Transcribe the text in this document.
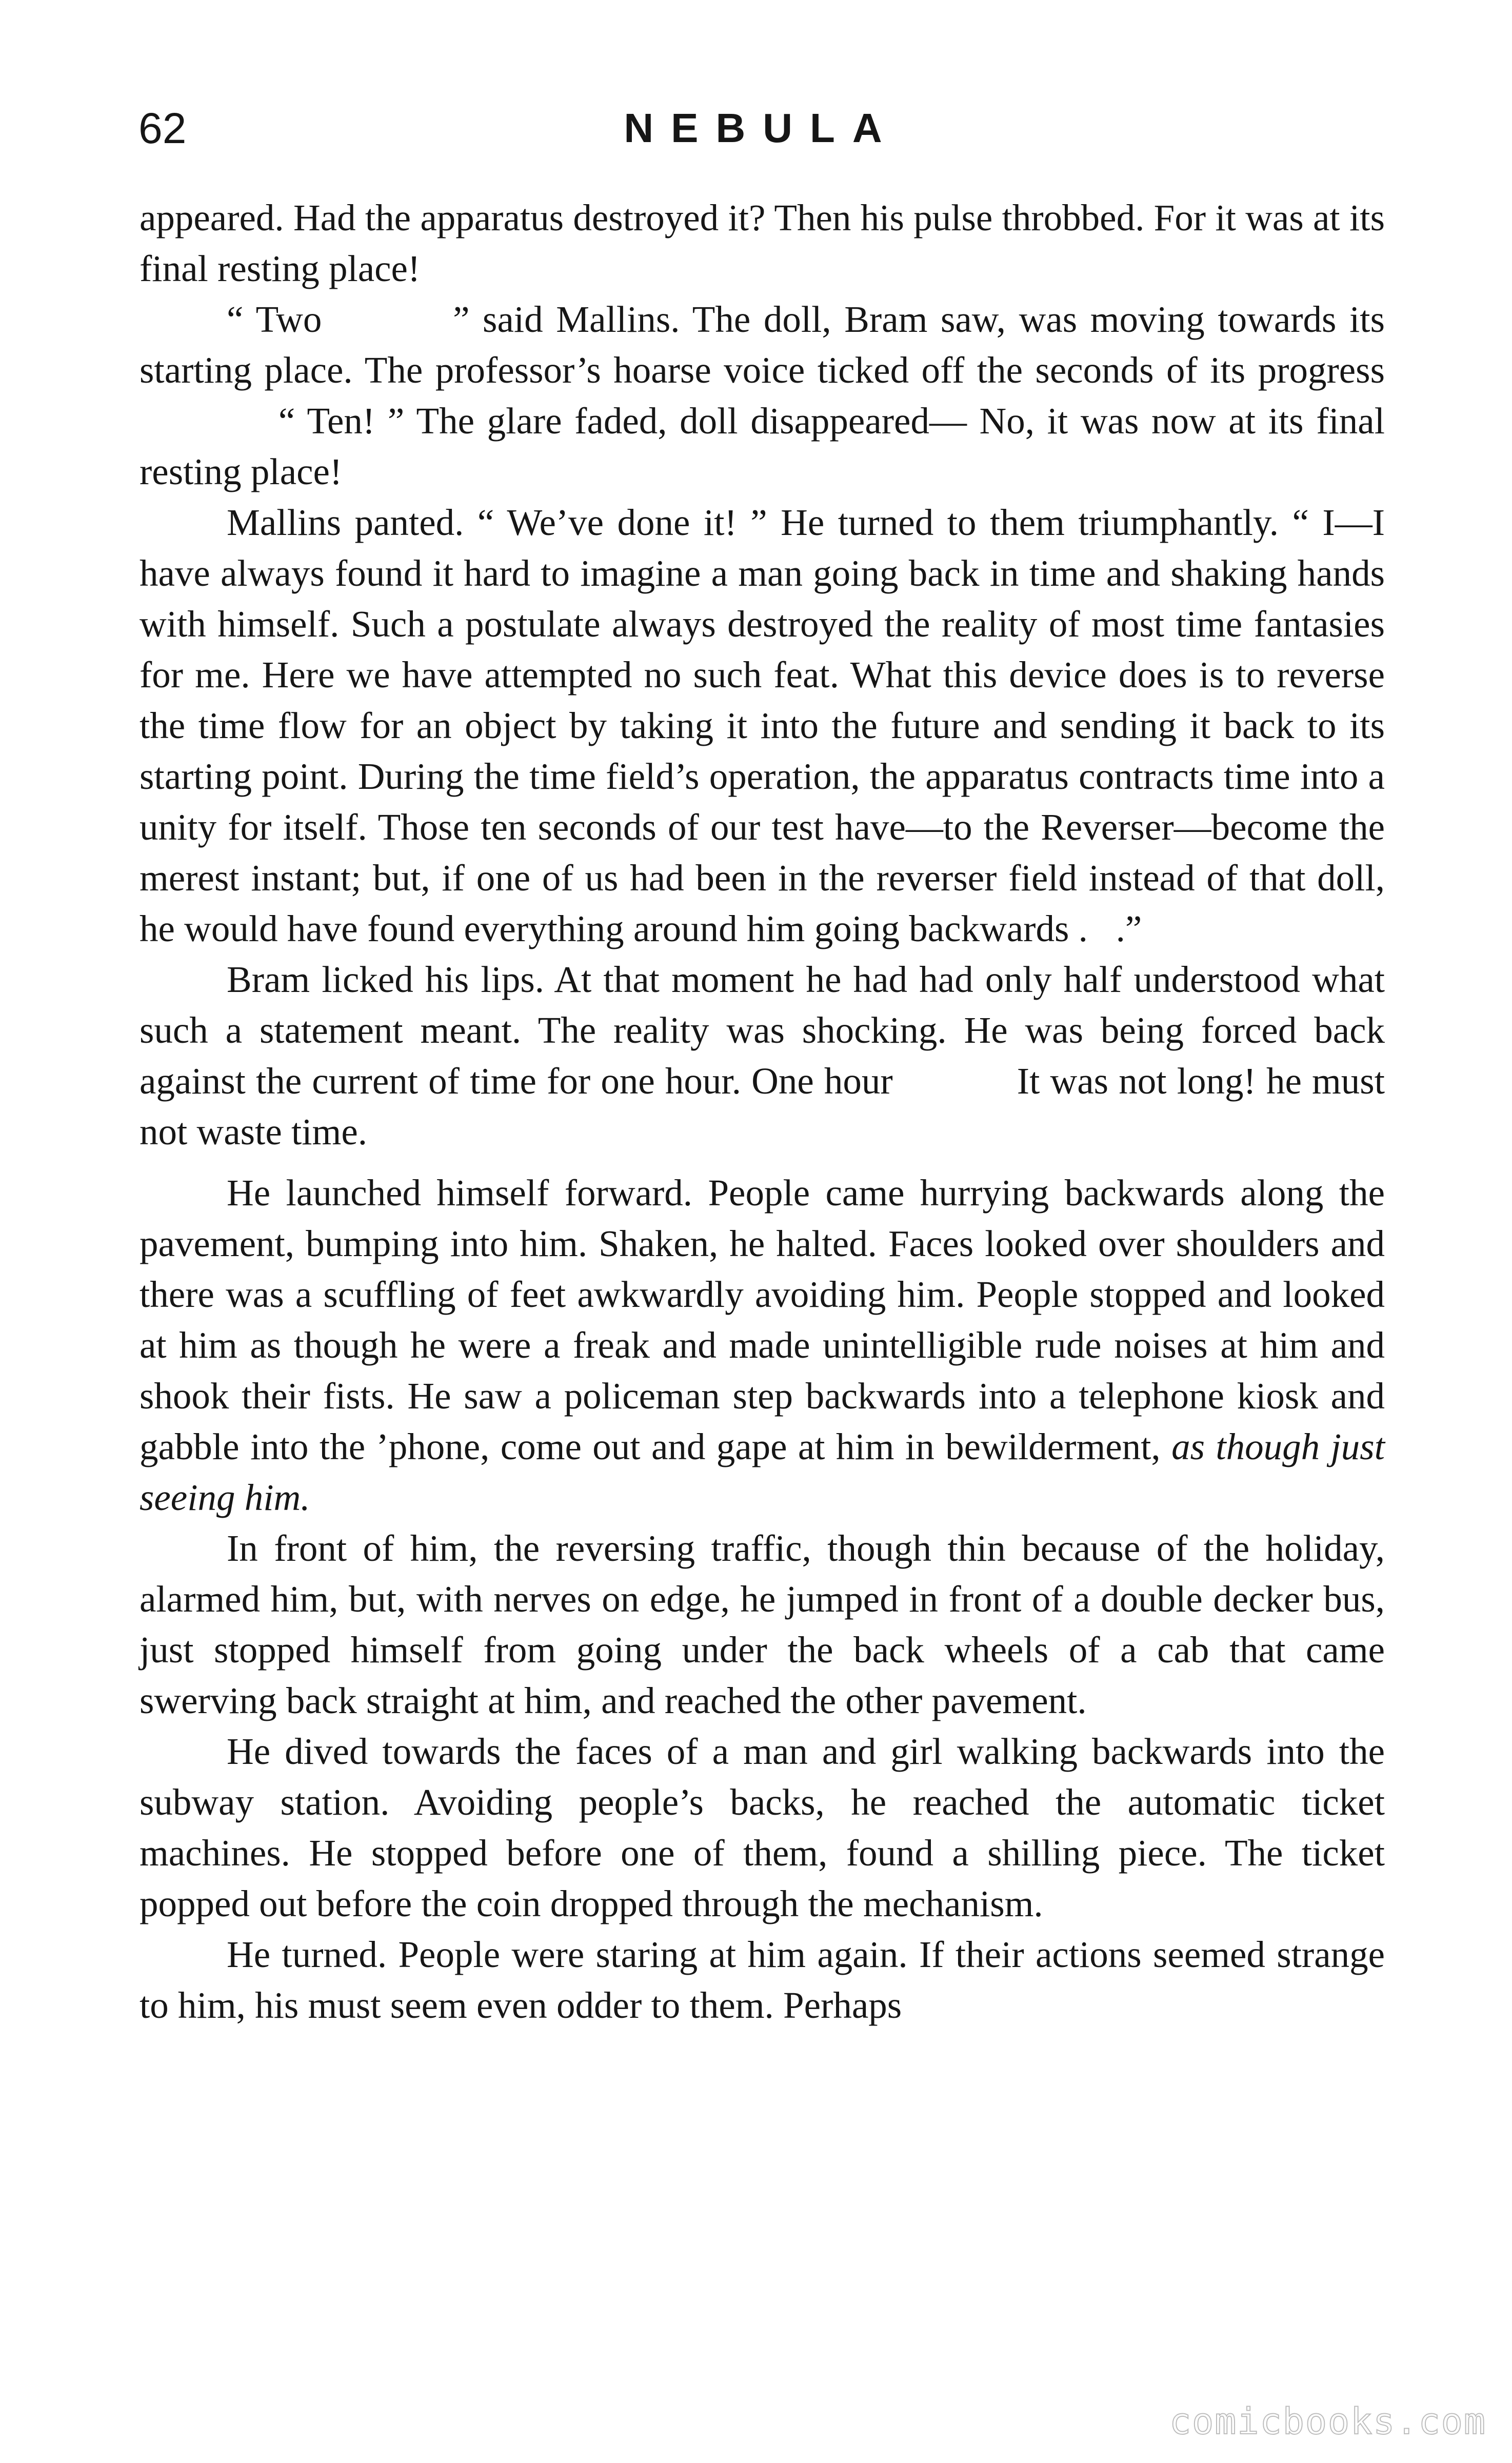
62	NEBULA

appeared. Had the apparatus destroyed it? Then his pulse throbbed. For it was at its final resting place!

“ Two          ” said Mallins. The doll, Bram saw, was moving towards its starting place. The professor’s hoarse voice ticked off the seconds of its progress            “ Ten! ” The glare faded, doll disappeared— No, it was now at its final resting place!

Mallins panted. “ We’ve done it! ” He turned to them triumphantly. “ I—I have always found it hard to imagine a man going back in time and shaking hands with himself. Such a postulate always destroyed the reality of most time fantasies for me. Here we have attempted no such feat. What this device does is to reverse the time flow for an object by taking it into the future and sending it back to its starting point. During the time field’s operation, the apparatus contracts time into a unity for itself. Those ten seconds of our test have—to the Reverser—become the merest instant; but, if one of us had been in the reverser field instead of that doll, he would have found everything around him going backwards .   .”

Bram licked his lips. At that moment he had had only half understood what such a statement meant. The reality was shocking. He was being forced back against the current of time for one hour. One hour            It was not long! he must not waste time.

He launched himself forward. People came hurrying backwards along the pavement, bumping into him. Shaken, he halted. Faces looked over shoulders and there was a scuffling of feet awkwardly avoiding him. People stopped and looked at him as though he were a freak and made unintelligible rude noises at him and shook their fists. He saw a policeman step backwards into a telephone kiosk and gabble into the ’phone, come out and gape at him in bewilderment, as though just seeing him.

In front of him, the reversing traffic, though thin because of the holiday, alarmed him, but, with nerves on edge, he jumped in front of a double decker bus, just stopped himself from going under the back wheels of a cab that came swerving back straight at him, and reached the other pavement.

He dived towards the faces of a man and girl walking backwards into the subway station. Avoiding people’s backs, he reached the automatic ticket machines. He stopped before one of them, found a shilling piece. The ticket popped out before the coin dropped through the mechanism.

He turned. People were staring at him again. If their actions seemed strange to him, his must seem even odder to them. Perhaps

comicbooks.com
